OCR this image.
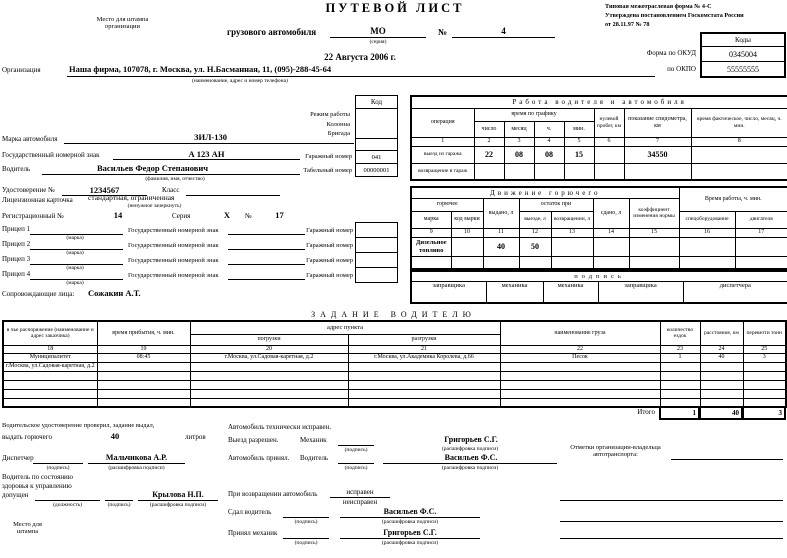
Место для штампа
организации
ПУТЕВОЙ ЛИСТ
грузового автомобиля	МО
(серия)
№	4
22 Августа 2006 г.
Типовая межотраслевая форма № 4-С
Утверждена постановлением Госкомстата России
от 28.11.97 № 78
Коды
0345004
55555555
Форма по ОКУД
по ОКПО
Организация	Наша фирма, 107078, г. Москва, ул. Н.Басманная, 11, (095)-288-45-64
(наименование, адрес и номер телефона)
Код
Режим работы
Колонна
Бригада
Марка автомобиля	ЗИЛ-130
Государственный номерной знак	А 123 АН	Гаражный номер	041
Водитель	Васильев Федор Степанович
(фамилия, имя, отчество)
Табельный номер	00000001
Удостоверение №	1234567	Класс
Лицензионная карточка стандартная, ограниченная
(ненужное зачеркнуть)
Регистрационный №	14	Серия	X	№	17
Прицеп 1
(марка)
Государственный номерной знак	Гаражный номер
Прицеп 2
(марка)
Государственный номерной знак	Гаражный номер
Прицеп 3
(марка)
Государственный номерной знак	Гаражный номер
Прицеп 4
(марка)
Государственный номерной знак	Гаражный номер
Сопровождающие лица: Сожакин А.Т.
Работа водителя и автомобиля							
операция	время по графику				нулевой пробег, км	показание спидометра, км	время фактическое, число, месяц, ч. мин.
	число	месяц	ч.	мин.			
1	2	3	4	5	6	7	8
выезд из гаража	22	08	08	15		34550	
возвращение в гараж							
Движение горючего							Время работы, ч. мин.	
горючее		выдано, л	остаток при		сдано, л	коэффициент изменения нормы		
марка	код марки		выезде, л	возвращении, л			спецоборудование	двигателя
9	10	11	12	13	14	15	16	17
Дизельное топливо		40	50					

подпись
заправщика	механика	механика	заправщика	диспетчера
ЗАДАНИЕ ВОДИТЕЛЮ
в чье распоряжение (наименование и адрес заказчика)	время прибытия, ч. мин.	адрес пункта		наименование груза	количество ездок	расстояние, км	перевезти тонн
		погрузки	разгрузки				
18	19	20	21	22	23	24	25
Муниципалитет	08:45	г.Москва, ул.Садовая-каретная, д.2	г.Москва, ул.Академика Королева, д.66	Песок	1	40	3
г.Москва, ул.Садовая-каретная, д.2							

Итого	1	40	3
Водительское удостоверение проверил, задание выдал,
выдать горючего	40	литров
Диспетчер
(подпись)
Мальчикова А.Р.
(расшифровка подписи)
Водитель по состоянию
здоровья к управлению
допущен
(должность)	(подпись)
Крылова Н.П.
(расшифровка подписи)
Место для
штампа
Автомобиль технически исправен.
Выезд разрешен.	Механик
(подпись)
Григорьев С.Г.
(расшифровка подписи)
Автомобиль принял. Водитель
(подпись)
Васильев Ф.С.
(расшифровка подписи)
При возвращении автомобиль	исправен
неисправен
Сдал водитель
(подпись)
Васильев Ф.С.
(расшифровка подписи)
Принял механик
(подпись)
Григорьев С.Г.
(расшифровка подписи)
Отметки организации-владельца
автотранспорта:
